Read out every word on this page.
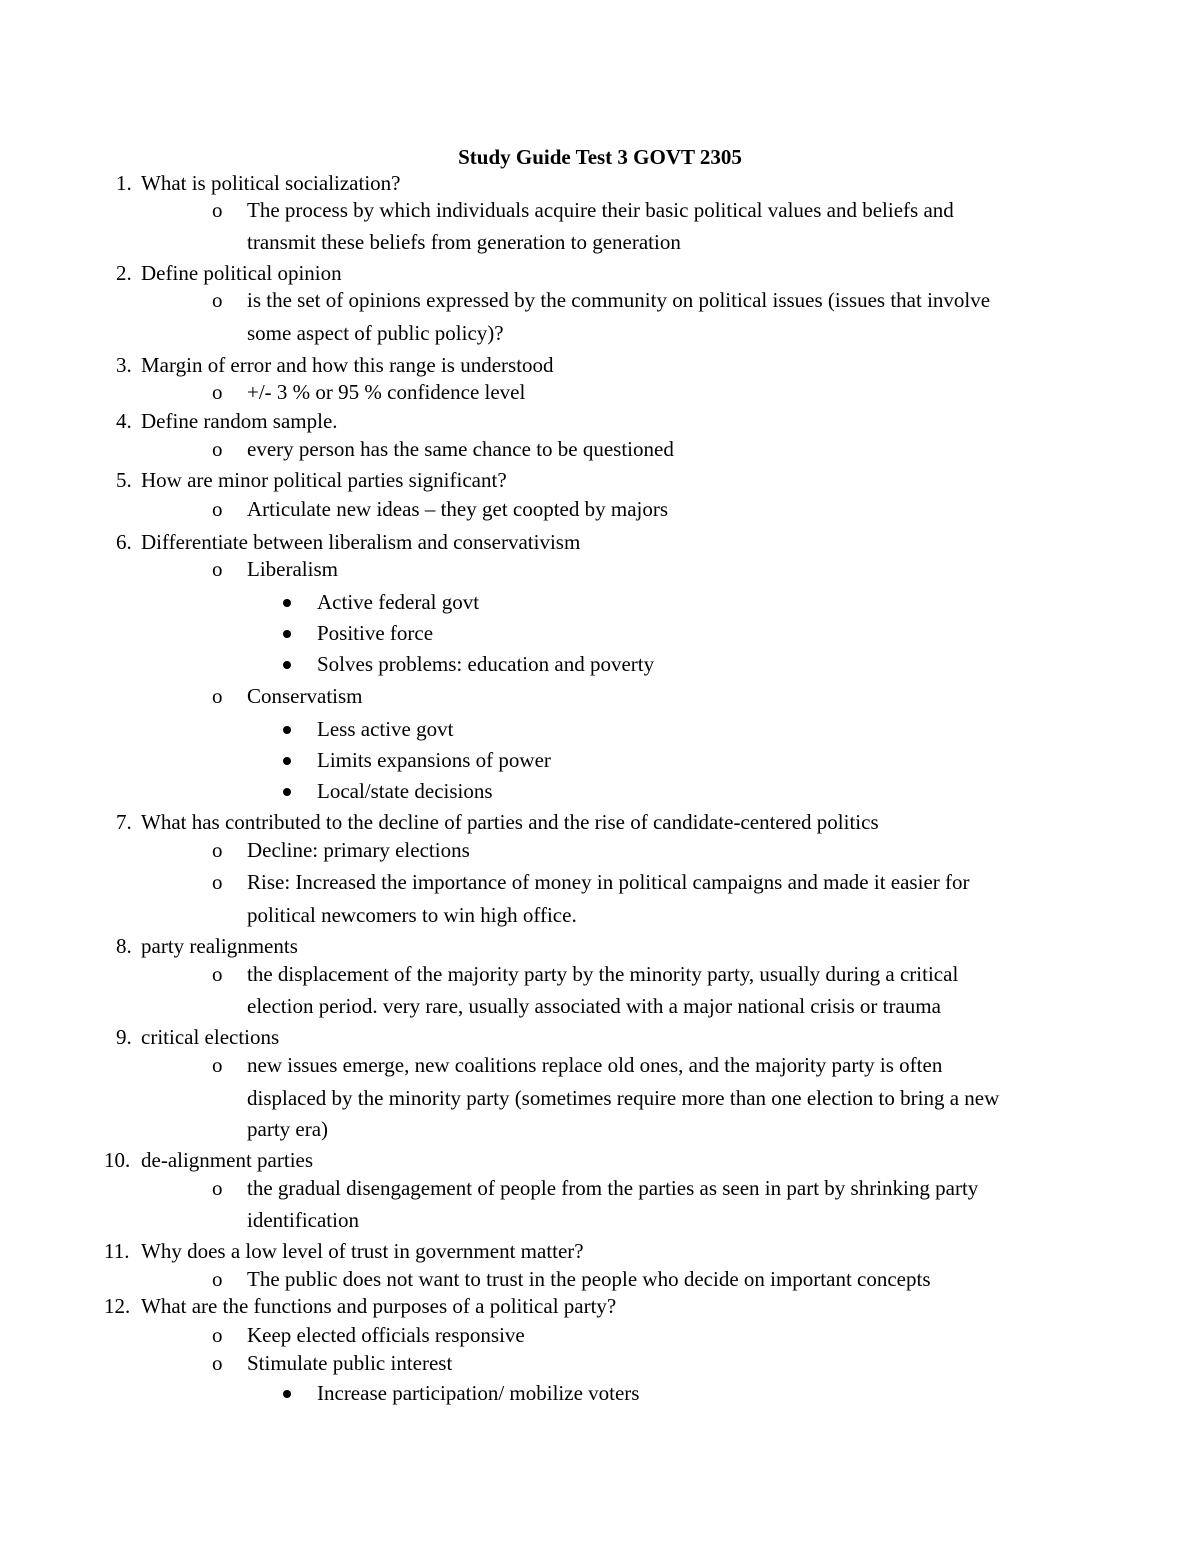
Study Guide Test 3 GOVT 2305
1. What is political socialization?
o The process by which individuals acquire their basic political values and beliefs and
transmit these beliefs from generation to generation
2. Define political opinion
o is the set of opinions expressed by the community on political issues (issues that involve
some aspect of public policy)?
3. Margin of error and how this range is understood
o +/- 3 % or 95 % confidence level
4. Define random sample.
o every person has the same chance to be questioned
5. How are minor political parties significant?
o Articulate new ideas – they get coopted by majors
6. Differentiate between liberalism and conservativism
o Liberalism
Active federal govt
Positive force
Solves problems: education and poverty
o Conservatism
Less active govt
Limits expansions of power
Local/state decisions
7. What has contributed to the decline of parties and the rise of candidate-centered politics
o Decline: primary elections
o Rise: Increased the importance of money in political campaigns and made it easier for
political newcomers to win high office.
8. party realignments
o the displacement of the majority party by the minority party, usually during a critical
election period. very rare, usually associated with a major national crisis or trauma
9. critical elections
o new issues emerge, new coalitions replace old ones, and the majority party is often
displaced by the minority party (sometimes require more than one election to bring a new
party era)
10. de-alignment parties
o the gradual disengagement of people from the parties as seen in part by shrinking party
identification
11. Why does a low level of trust in government matter?
o The public does not want to trust in the people who decide on important concepts
12. What are the functions and purposes of a political party?
o Keep elected officials responsive
o Stimulate public interest
Increase participation/ mobilize voters
